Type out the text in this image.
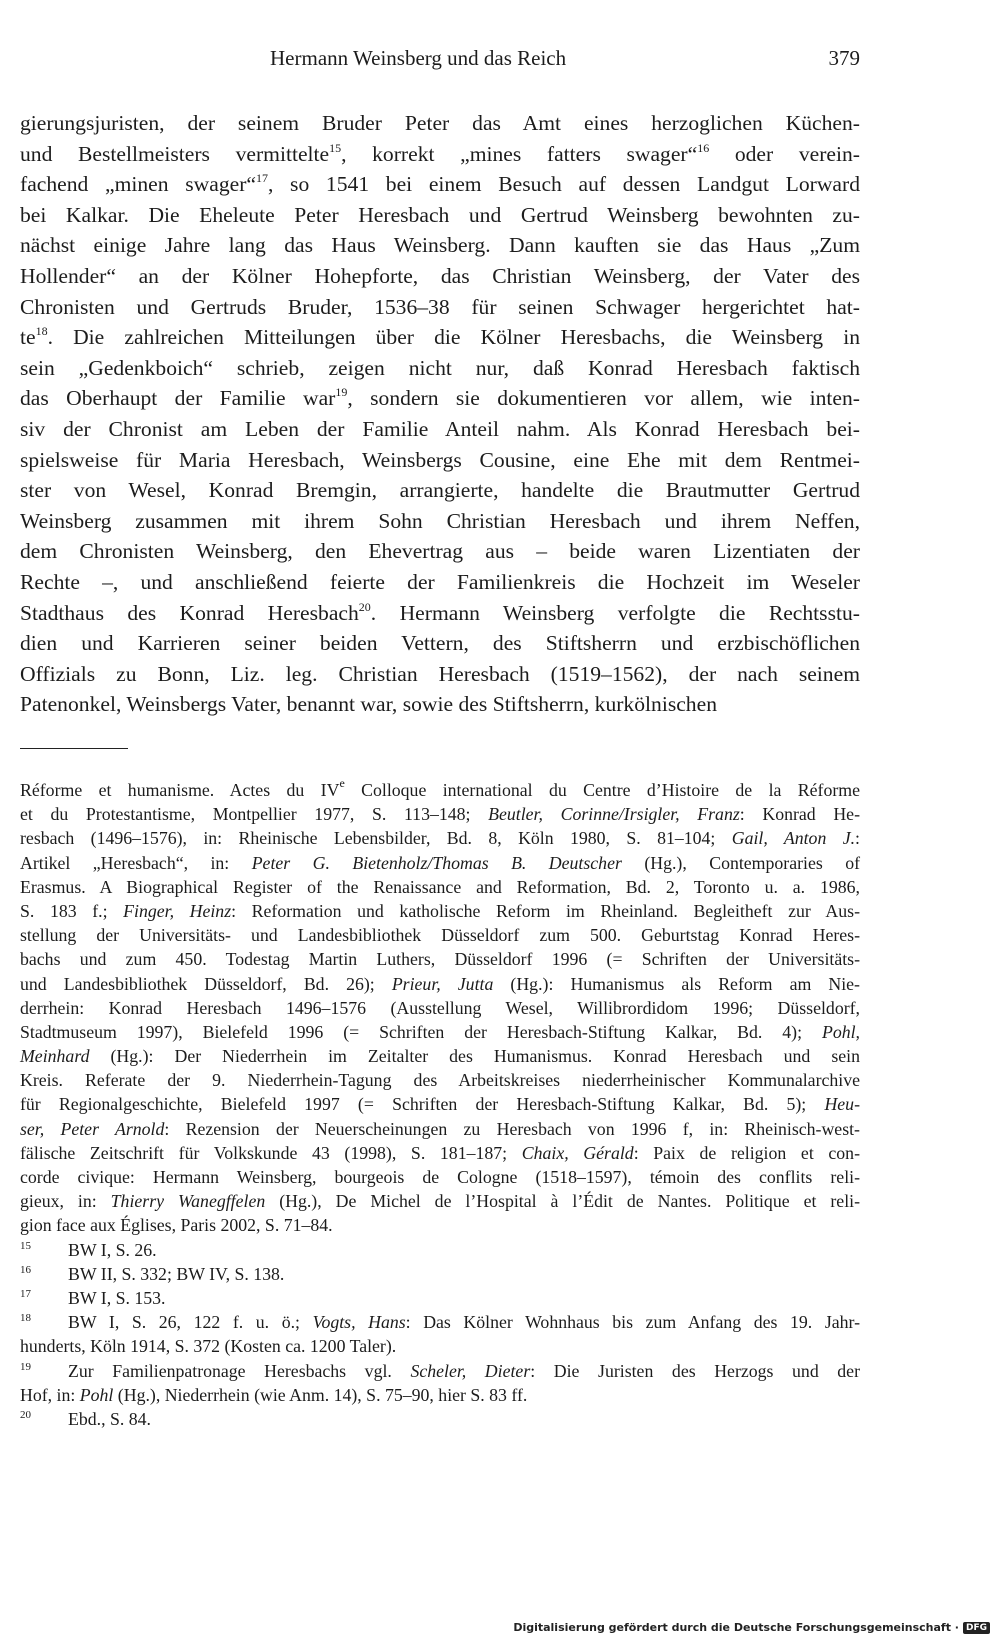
Hermann Weinsberg und das Reich	379
gierungsjuristen, der seinem Bruder Peter das Amt eines herzoglichen Küchen-
und Bestellmeisters vermittelte$^{15}$, korrekt „mines fatters swager“$^{16}$ oder verein-
fachend „minen swager“$^{17}$, so 1541 bei einem Besuch auf dessen Landgut Lorward
bei Kalkar. Die Eheleute Peter Heresbach und Gertrud Weinsberg bewohnten zu-
nächst einige Jahre lang das Haus Weinsberg. Dann kauften sie das Haus „Zum
Hollender“ an der Kölner Hohepforte, das Christian Weinsberg, der Vater des
Chronisten und Gertruds Bruder, 1536–38 für seinen Schwager hergerichtet hat-
$te^{18}$. Die zahlreichen Mitteilungen über die Kölner Heresbachs, die Weinsberg in
sein „Gedenkboich“ schrieb, zeigen nicht nur, daß Konrad Heresbach faktisch
das Oberhaupt der Familie war$^{19}$, sondern sie dokumentieren vor allem, wie inten-
siv der Chronist am Leben der Familie Anteil nahm. Als Konrad Heresbach bei-
spielsweise für Maria Heresbach, Weinsbergs Cousine, eine Ehe mit dem Rentmei-
ster von Wesel, Konrad Bremgin, arrangierte, handelte die Brautmutter Gertrud
Weinsberg zusammen mit ihrem Sohn Christian Heresbach und ihrem Neffen,
dem Chronisten Weinsberg, den Ehevertrag aus – beide waren Lizentiaten der
Rechte –, und anschließend feierte der Familienkreis die Hochzeit im Weseler
Stadthaus des Konrad Heresbach$^{20}$. Hermann Weinsberg verfolgte die Rechtsstu-
dien und Karrieren seiner beiden Vettern, des Stiftsherrn und erzbischöflichen
Offizials zu Bonn, Liz. leg. Christian Heresbach (1519–1562), der nach seinem
Patenonkel, Weinsbergs Vater, benannt war, sowie des Stiftsherrn, kurkölnischen
Réforme et humanisme. Actes du IVe Colloque international du Centre d’Histoire de la Réforme
et du Protestantisme, Montpellier 1977, S. 113–148; Beutler, Corinne/Irsigler, Franz: Konrad He-
resbach (1496–1576), in: Rheinische Lebensbilder, Bd. 8, Köln 1980, S. 81–104; Gail, Anton J.:
Artikel „Heresbach“, in: Peter G. Bietenholz/Thomas B. Deutscher (Hg.), Contemporaries of
Erasmus. A Biographical Register of the Renaissance and Reformation, Bd. 2, Toronto u. a. 1986,
S. 183 f.; Finger, Heinz: Reformation und katholische Reform im Rheinland. Begleitheft zur Aus-
stellung der Universitäts- und Landesbibliothek Düsseldorf zum 500. Geburtstag Konrad Heres-
bachs und zum 450. Todestag Martin Luthers, Düsseldorf 1996 (= Schriften der Universitäts-
und Landesbibliothek Düsseldorf, Bd. 26); Prieur, Jutta (Hg.): Humanismus als Reform am Nie-
derrhein: Konrad Heresbach 1496–1576 (Ausstellung Wesel, Willibrordidom 1996; Düsseldorf,
Stadtmuseum 1997), Bielefeld 1996 (= Schriften der Heresbach-Stiftung Kalkar, Bd. 4); Pohl,
Meinhard (Hg.): Der Niederrhein im Zeitalter des Humanismus. Konrad Heresbach und sein
Kreis. Referate der 9. Niederrhein-Tagung des Arbeitskreises niederrheinischer Kommunalarchive
für Regionalgeschichte, Bielefeld 1997 (= Schriften der Heresbach-Stiftung Kalkar, Bd. 5); Heu-
ser, Peter Arnold: Rezension der Neuerscheinungen zu Heresbach von 1996 f, in: Rheinisch-west-
fälische Zeitschrift für Volkskunde 43 (1998), S. 181–187; Chaix, Gérald: Paix de religion et con-
corde civique: Hermann Weinsberg, bourgeois de Cologne (1518–1597), témoin des conflits reli-
gieux, in: Thierry Wanegffelen (Hg.), De Michel de l’Hospital à l’Édit de Nantes. Politique et reli-
gion face aux Églises, Paris 2002, S. 71–84.
$^{15}$ BW I, S. 26.
$^{16}$ BW II, S. 332; BW IV, S. 138.
$^{17}$ BW I, S. 153.
$^{18}$ BW I, S. 26, 122 f. u. ö.; Vogts, Hans: Das Kölner Wohnhaus bis zum Anfang des 19. Jahr-
hunderts, Köln 1914, S. 372 (Kosten ca. 1200 Taler).
$^{19}$ Zur Familienpatronage Heresbachs vgl. Scheler, Dieter: Die Juristen des Herzogs und der
Hof, in: Pohl (Hg.), Niederrhein (wie Anm. 14), S. 75–90, hier S. 83 ff.
$^{20}$ Ebd., S. 84.
Digitalisierung gefördert durch die Deutsche Forschungsgemeinschaft · DFG
